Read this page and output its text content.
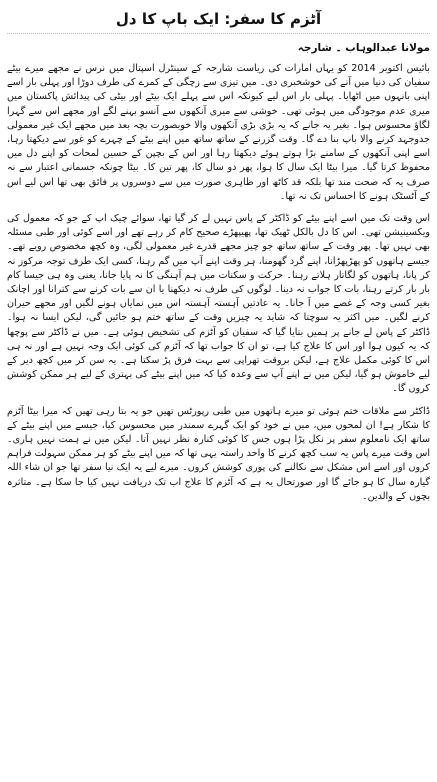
آٹزم کا سفر: ایک باپ کا دل
مولانا عبدالوہاب ۔ شارجہ

بائیس اکتوبر 2014 کو یہاں امارات کی ریاست شارجہ کے سینٹرل اسپتال میں نرس نے مجھے میرے بیٹے سفیان کی دنیا میں آنے کی خوشخبری دی۔ میں تیزی سے زچگی کے کمرے کی طرف دوڑا اور پہلی بار اسے اپنی بانہوں میں اٹھایا۔ پہلی بار اس لیے کیونکہ اس سے پہلے ایک بیٹے اور بیٹی کی پیدائش پاکستان میں میری عدم موجودگی میں ہوئی تھی۔ خوشی سے میری آنکھوں سے آنسو بہنے لگے اور مجھے اس سے گہرا لگاؤ محسوس ہوا۔ بغیر یہ جانے کہ یہ بڑی بڑی آنکھوں والا خوبصورت بچہ بعد میں مجھے ایک غیر معمولی جدوجہد کرنے والا باپ بنا دے گا۔ وقت گزرنے کے ساتھ ساتھ میں اپنے بیٹے کے چہرے کو غور سے دیکھتا رہا، اسے اپنی آنکھوں کے سامنے بڑا ہوتے ہوئے دیکھتا رہا اور اس کے بچپن کے حسین لمحات کو اپنے دل میں محفوظ کرتا گیا۔ میرا بیٹا ایک سال کا ہوا، پھر دو سال کا، پھر تین کا۔ بیٹا چونکہ جسمانی اعتبار سے نہ صرف یہ کہ صحت مند تھا بلکہ قد کاٹھ اور ظاہری صورت میں سے دوسروں پر فائق بھی تھا اس لیے اس کے آٹسٹک ہونے کا احساس تک نہ تھا۔

اس وقت تک میں اسے اپنے بیٹے کو ڈاکٹر کے پاس نہیں لے کر گیا تھا، سوائے چیک اپ کے جو کہ معمول کی ویکسینیشن تھی۔ اس کا دل بالکل ٹھیک تھا، پھیپھڑے صحیح کام کر رہے تھے اور اسے کوئی اور طبی مسئلہ بھی نہیں تھا۔ پھر وقت کے ساتھ ساتھ جو چیز مجھے قدرے غیر معمولی لگی، وہ کچھ مخصوص رویے تھے۔ جیسے ہاتھوں کو پھڑپھڑانا، اپنے گرد گھومنا، ہر وقت اپنے آپ میں گم رہنا، کسی ایک طرف توجہ مرکوز نہ کر پانا، ہاتھوں کو لگاتار ہلاتے رہنا۔ حرکت و سکنات میں ہم آہنگی کا نہ پایا جانا، یعنی وہ ہی جیسا کام بار بار کرتے رہنا، بات کا جواب نہ دینا۔ لوگوں کی طرف نہ دیکھنا یا ان سے بات کرنے سے کترانا اور اچانک بغیر کسی وجہ کے غصے میں آ جانا۔ یہ عادتیں آہستہ آہستہ اس میں نمایاں ہونے لگیں اور مجھے حیران کرنے لگیں۔ میں اکثر یہ سوچتا کہ شاید یہ چیزیں وقت کے ساتھ ختم ہو جائیں گی، لیکن ایسا نہ ہوا۔ ڈاکٹر کے پاس لے جانے پر ہمیں بتایا گیا کہ سفیان کو آٹزم کی تشخیص ہوئی ہے۔ میں نے ڈاکٹر سے پوچھا کہ یہ کیوں ہوا اور اس کا علاج کیا ہے، تو ان کا جواب تھا کہ آٹزم کی کوئی ایک وجہ نہیں ہے اور نہ ہی اس کا کوئی مکمل علاج ہے، لیکن بروقت تھراپی سے بہت فرق پڑ سکتا ہے۔ یہ سن کر میں کچھ دیر کے لیے خاموش ہو گیا، لیکن میں نے اپنے آپ سے وعدہ کیا کہ میں اپنے بیٹے کی بہتری کے لیے ہر ممکن کوشش کروں گا۔

ڈاکٹر سے ملاقات ختم ہوئی تو میرے ہاتھوں میں طبی رپورٹس تھیں جو یہ بتا رہی تھیں کہ میرا بیٹا آٹزم کا شکار ہے! ان لمحوں میں، میں نے خود کو ایک گہرے سمندر میں محسوس کیا، جیسے میں اپنے بیٹے کے ساتھ ایک نامعلوم سفر پر نکل پڑا ہوں جس کا کوئی کنارہ نظر نہیں آتا۔ لیکن میں نے ہمت نہیں ہاری۔ اس وقت میرے پاس یہ سب کچھ کرنے کا واحد راستہ یہی تھا کہ میں اپنے بیٹے کو ہر ممکن سہولت فراہم کروں اور اسے اس مشکل سے نکالنے کی پوری کوشش کروں۔ میرے لیے یہ ایک نیا سفر تھا جو ان شاء اللہ گیارہ سال کا ہو جائے گا اور صورتحال یہ ہے کہ آٹزم کا علاج اب تک دریافت نہیں کیا جا سکا ہے۔ متاثرہ بچوں کے والدین۔
